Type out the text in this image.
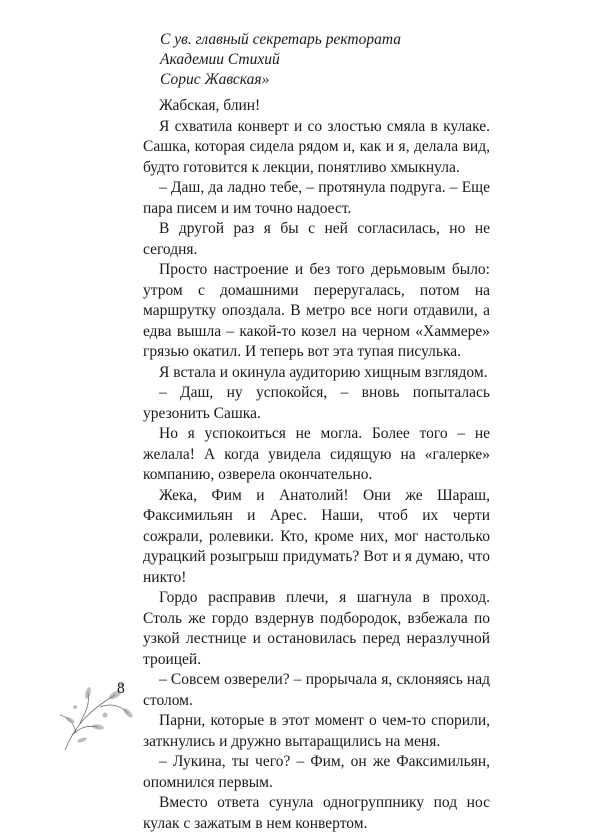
С ув. главный секретарь ректората
Академии Стихий
Сорис Жавская»

Жабская, блин!

Я схватила конверт и со злостью смяла в кулаке. Сашка, которая сидела рядом и, как и я, делала вид, будто готовится к лекции, понятливо хмыкнула.

– Даш, да ладно тебе, – протянула подруга. – Еще пара писем и им точно надоест.

В другой раз я бы с ней согласилась, но не сегодня.

Просто настроение и без того дерьмовым было: утром с домашними переругалась, потом на маршрутку опоздала. В метро все ноги отдавили, а едва вышла – какой-то козел на черном «Хаммере» грязью окатил. И теперь вот эта тупая писулька.

Я встала и окинула аудиторию хищным взглядом.

– Даш, ну успокойся, – вновь попыталась урезонить Сашка.

Но я успокоиться не могла. Более того – не желала! А когда увидела сидящую на «галерке» компанию, озверела окончательно.

Жека, Фим и Анатолий! Они же Шараш, Факсимильян и Арес. Наши, чтоб их черти сожрали, ролевики. Кто, кроме них, мог настолько дурацкий розыгрыш придумать? Вот и я думаю, что никто!

Гордо расправив плечи, я шагнула в проход. Столь же гордо вздернув подбородок, взбежала по узкой лестнице и остановилась перед неразлучной троицей.

– Совсем озверели? – прорычала я, склоняясь над столом.

Парни, которые в этот момент о чем-то спорили, заткнулись и дружно вытаращились на меня.

– Лукина, ты чего? – Фим, он же Факсимильян, опомнился первым.

Вместо ответа сунула одногруппнику под нос кулак с зажатым в нем конвертом.

8
